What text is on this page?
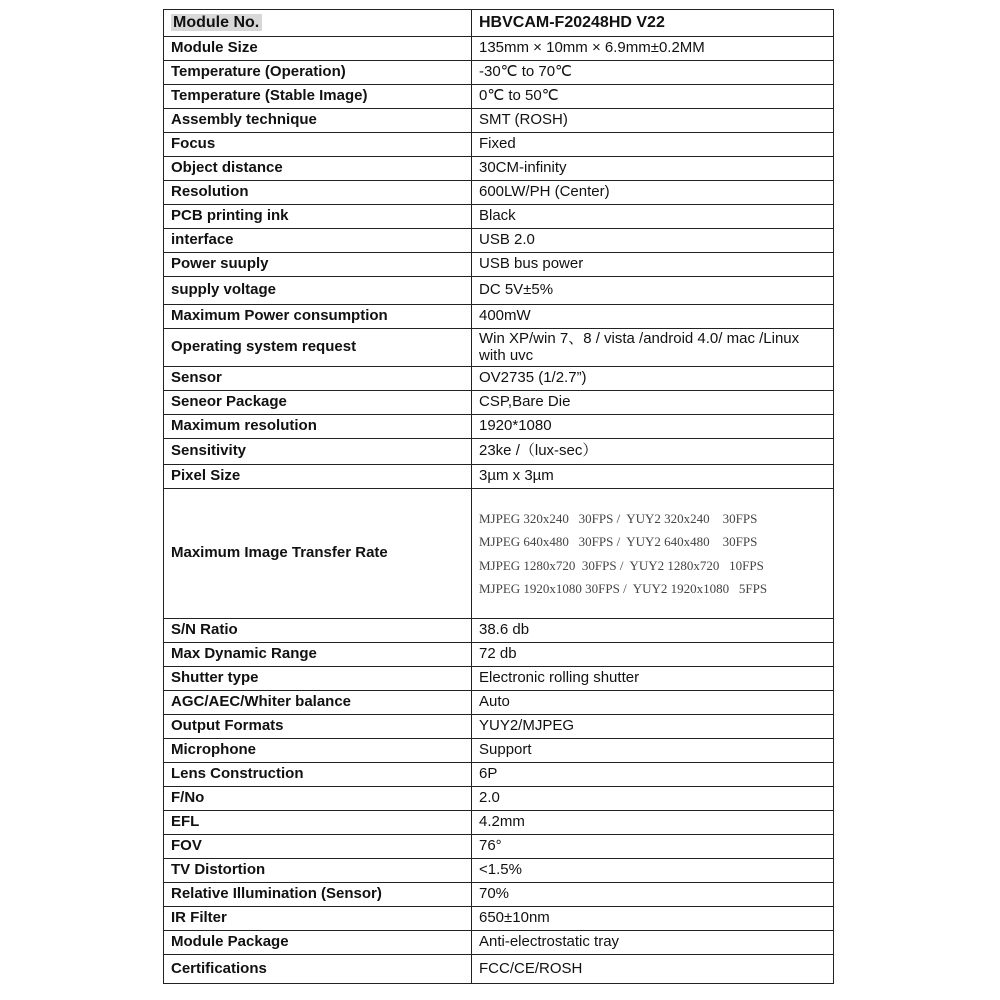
Module No.	HBVCAM-F20248HD V22
Module Size	135mm × 10mm × 6.9mm±0.2MM
Temperature (Operation)	-30℃ to 70℃
Temperature (Stable Image)	0℃ to 50℃
Assembly technique	SMT (ROSH)
Focus	Fixed
Object distance	30CM-infinity
Resolution	600LW/PH (Center)
PCB printing ink	Black
interface	USB 2.0
Power suuply	USB bus power
supply voltage	DC 5V±5%
Maximum Power consumption	400mW
Operating system request	Win XP/win 7、8 / vista /android 4.0/ mac /Linux with uvc
Sensor	OV2735 (1/2.7”)
Seneor Package	CSP,Bare Die
Maximum resolution	1920*1080
Sensitivity	23ke /（lux-sec）
Pixel Size	3µm x 3µm
Maximum Image Transfer Rate	MJPEG 320x240   30FPS /  YUY2 320x240    30FPS
MJPEG 640x480   30FPS /  YUY2 640x480    30FPS
MJPEG 1280x720  30FPS /  YUY2 1280x720   10FPS
MJPEG 1920x1080 30FPS /  YUY2 1920x1080   5FPS

S/N Ratio	38.6 db
Max Dynamic Range	72 db
Shutter type	Electronic rolling shutter
AGC/AEC/Whiter balance	Auto
Output Formats	YUY2/MJPEG
Microphone	Support
Lens Construction	6P
F/No	2.0
EFL	4.2mm
FOV	76°
TV Distortion	<1.5%
Relative Illumination (Sensor)	70%
IR Filter	650±10nm
Module Package	Anti-electrostatic tray
Certifications	FCC/CE/ROSH
